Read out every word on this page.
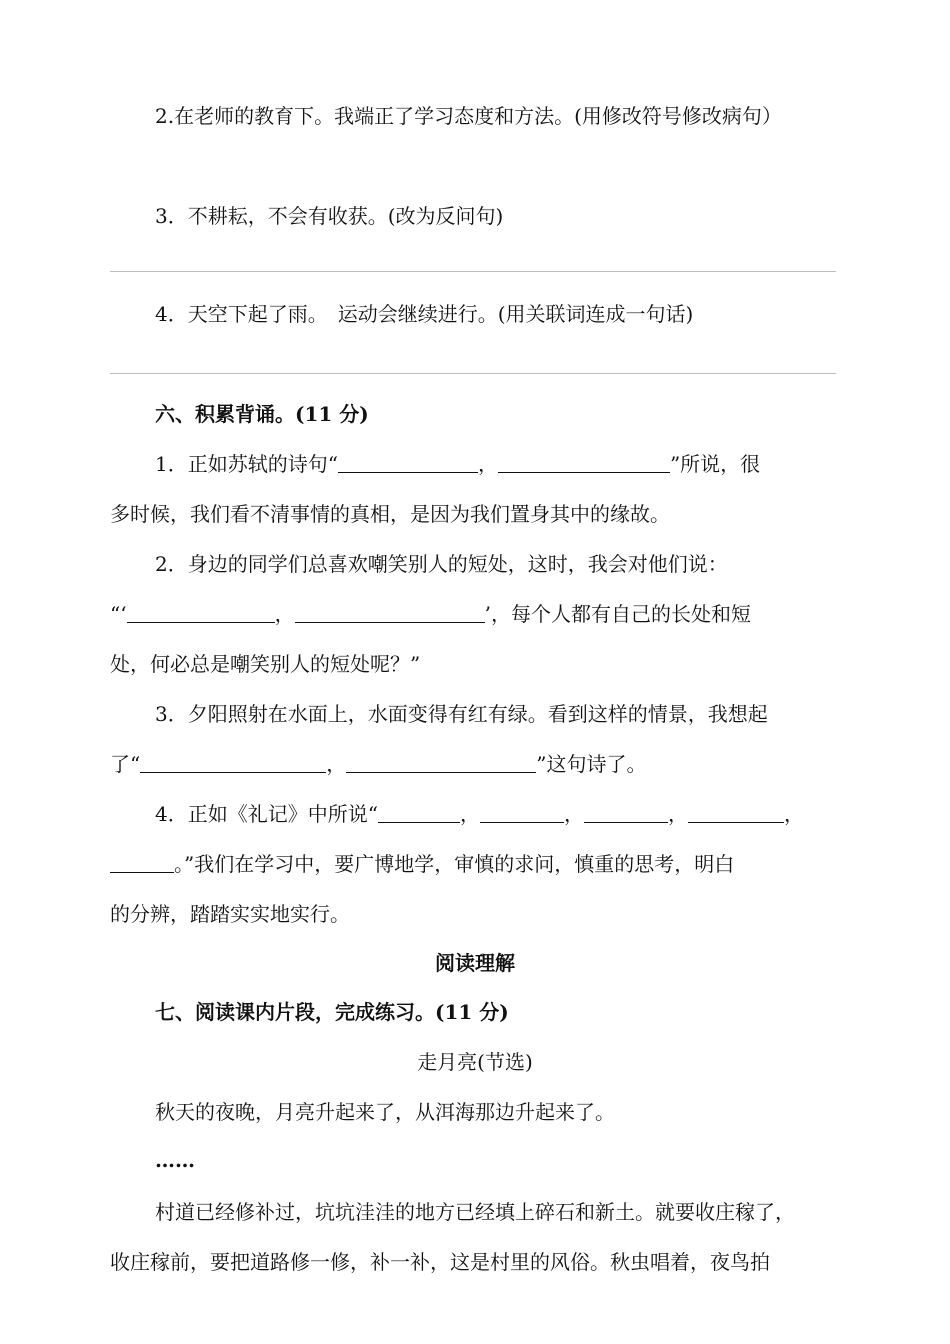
2.在老师的教育下。我端正了学习态度和方法。(用修改符号修改病句）
3．不耕耘，不会有收获。(改为反问句)
4．天空下起了雨。　运动会继续进行。(用关联词连成一句话)
六、积累背诵。(11 分)
1．正如苏轼的诗句“	，	”所说，很
多时候，我们看不清事情的真相，是因为我们置身其中的缘故。
2．身边的同学们总喜欢嘲笑别人的短处，这时，我会对他们说：
“‘	，	’，每个人都有自己的长处和短
处，何必总是嘲笑别人的短处呢？”
3．夕阳照射在水面上，水面变得有红有绿。看到这样的情景，我想起
了“	，	”这句诗了。
4．正如《礼记》中所说“	，	，	，	，
。”我们在学习中，要广博地学，审慎的求问，慎重的思考，明白
的分辨，踏踏实实地实行。
阅读理解
七、阅读课内片段，完成练习。(11 分)
走月亮(节选)
秋天的夜晚，月亮升起来了，从洱海那边升起来了。
……
村道已经修补过，坑坑洼洼的地方已经填上碎石和新土。就要收庄稼了，
收庄稼前，要把道路修一修，补一补，这是村里的风俗。秋虫唱着，夜鸟拍
